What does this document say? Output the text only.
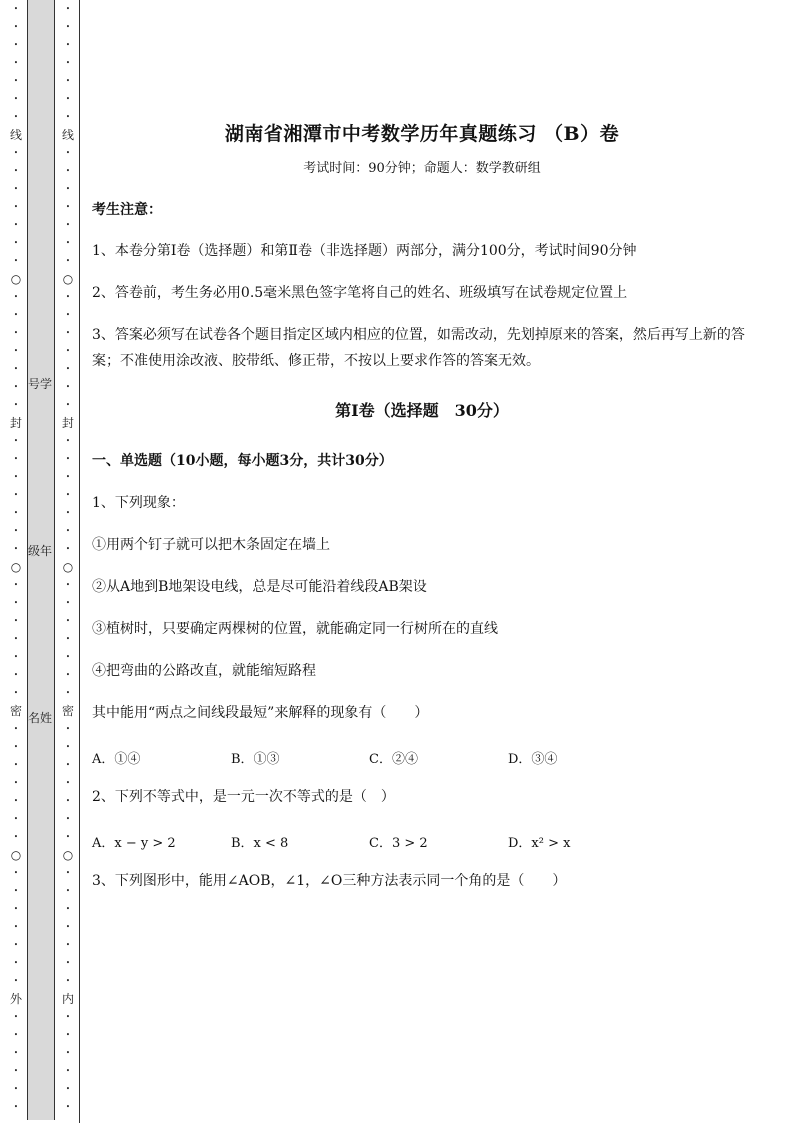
•
•
•
•
•
•
•
线
•
•
•
•
•
•
•
○
•
•
•
•
•
•
•
封
•
•
•
•
•
•
•
○
•
•
•
•
•
•
•
密
•
•
•
•
•
•
•
○
•
•
•
•
•
•
•
外
•
•
•
•
•
•
号学
级年
名姓
•
•
•
•
•
•
•
线
•
•
•
•
•
•
•
○
•
•
•
•
•
•
•
封
•
•
•
•
•
•
•
○
•
•
•
•
•
•
•
密
•
•
•
•
•
•
•
○
•
•
•
•
•
•
•
内
•
•
•
•
•
•
湖南省湘潭市中考数学历年真题练习 （B）卷
考试时间：90分钟；命题人：数学教研组
考生注意：
1、本卷分第I卷（选择题）和第Ⅱ卷（非选择题）两部分，满分100分，考试时间90分钟
2、答卷前，考生务必用0.5毫米黑色签字笔将自己的姓名、班级填写在试卷规定位置上
3、答案必须写在试卷各个题目指定区域内相应的位置，如需改动，先划掉原来的答案，然后再写上新的答案；不准使用涂改液、胶带纸、修正带，不按以上要求作答的答案无效。
第I卷（选择题　30分）
一、单选题（10小题，每小题3分，共计30分）
1、下列现象：
①用两个钉子就可以把木条固定在墙上
②从A地到B地架设电线，总是尽可能沿着线段AB架设
③植树时，只要确定两棵树的位置，就能确定同一行树所在的直线
④把弯曲的公路改直，就能缩短路程
其中能用“两点之间线段最短”来解释的现象有（　　）
A．①④	B．①③	C．②④	D．③④
2、下列不等式中，是一元一次不等式的是（　）
A．x − y > 2	B．x < 8	C．3 > 2	D．x² > x
3、下列图形中，能用∠AOB，∠1，∠O三种方法表示同一个角的是（　　）
